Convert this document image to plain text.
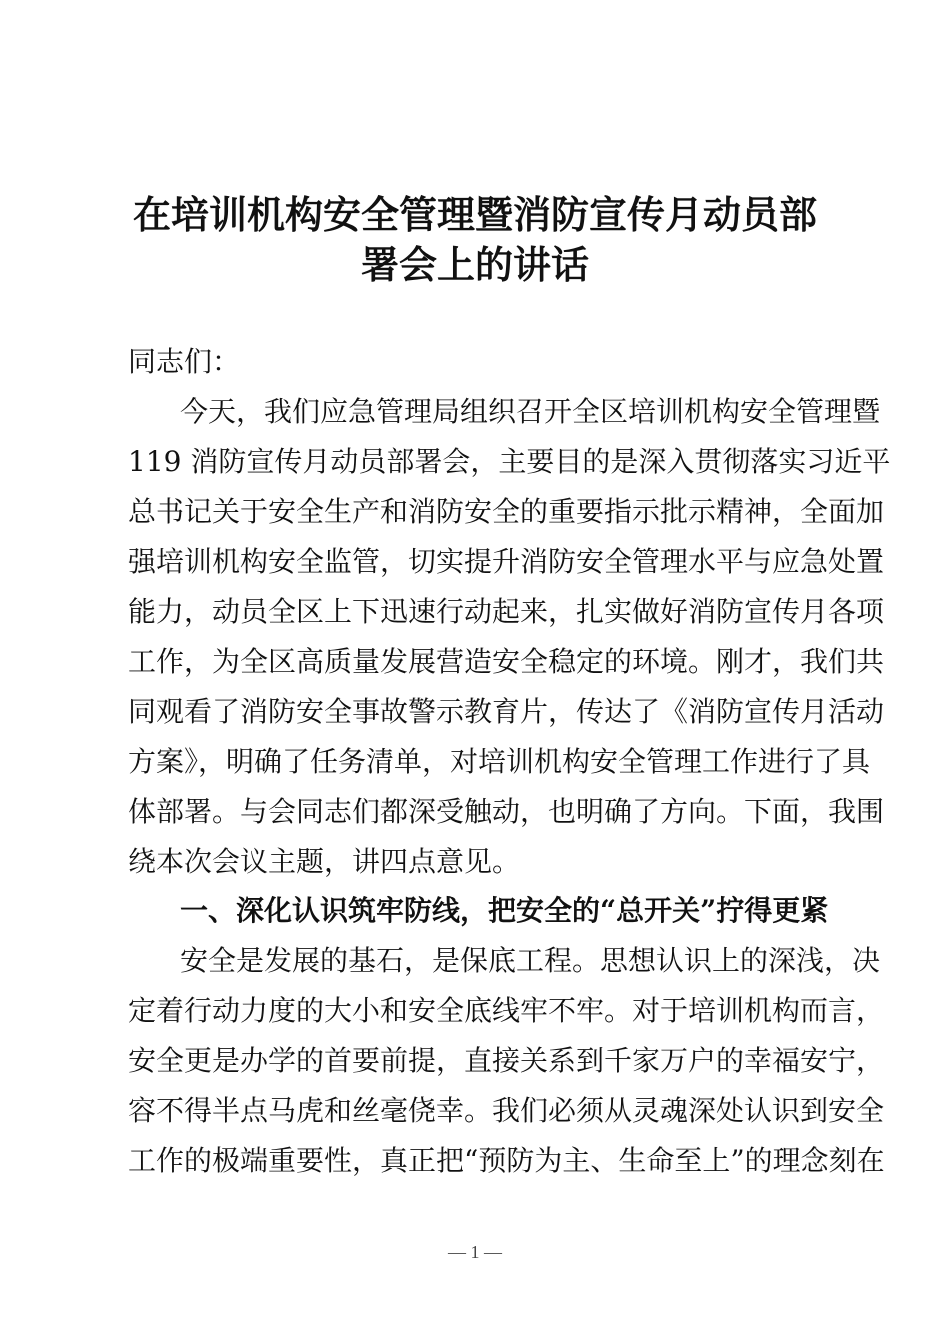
在培训机构安全管理暨消防宣传月动员部
署会上的讲话
同志们：
今天，我们应急管理局组织召开全区培训机构安全管理暨
119 消防宣传月动员部署会，主要目的是深入贯彻落实习近平
总书记关于安全生产和消防安全的重要指示批示精神，全面加
强培训机构安全监管，切实提升消防安全管理水平与应急处置
能力，动员全区上下迅速行动起来，扎实做好消防宣传月各项
工作，为全区高质量发展营造安全稳定的环境。刚才，我们共
同观看了消防安全事故警示教育片，传达了《消防宣传月活动
方案》，明确了任务清单，对培训机构安全管理工作进行了具
体部署。与会同志们都深受触动，也明确了方向。下面，我围
绕本次会议主题，讲四点意见。
一、深化认识筑牢防线，把安全的“总开关”拧得更紧
安全是发展的基石，是保底工程。思想认识上的深浅，决
定着行动力度的大小和安全底线牢不牢。对于培训机构而言，
安全更是办学的首要前提，直接关系到千家万户的幸福安宁，
容不得半点马虎和丝毫侥幸。我们必须从灵魂深处认识到安全
工作的极端重要性，真正把“预防为主、生命至上”的理念刻在
— 1 —
